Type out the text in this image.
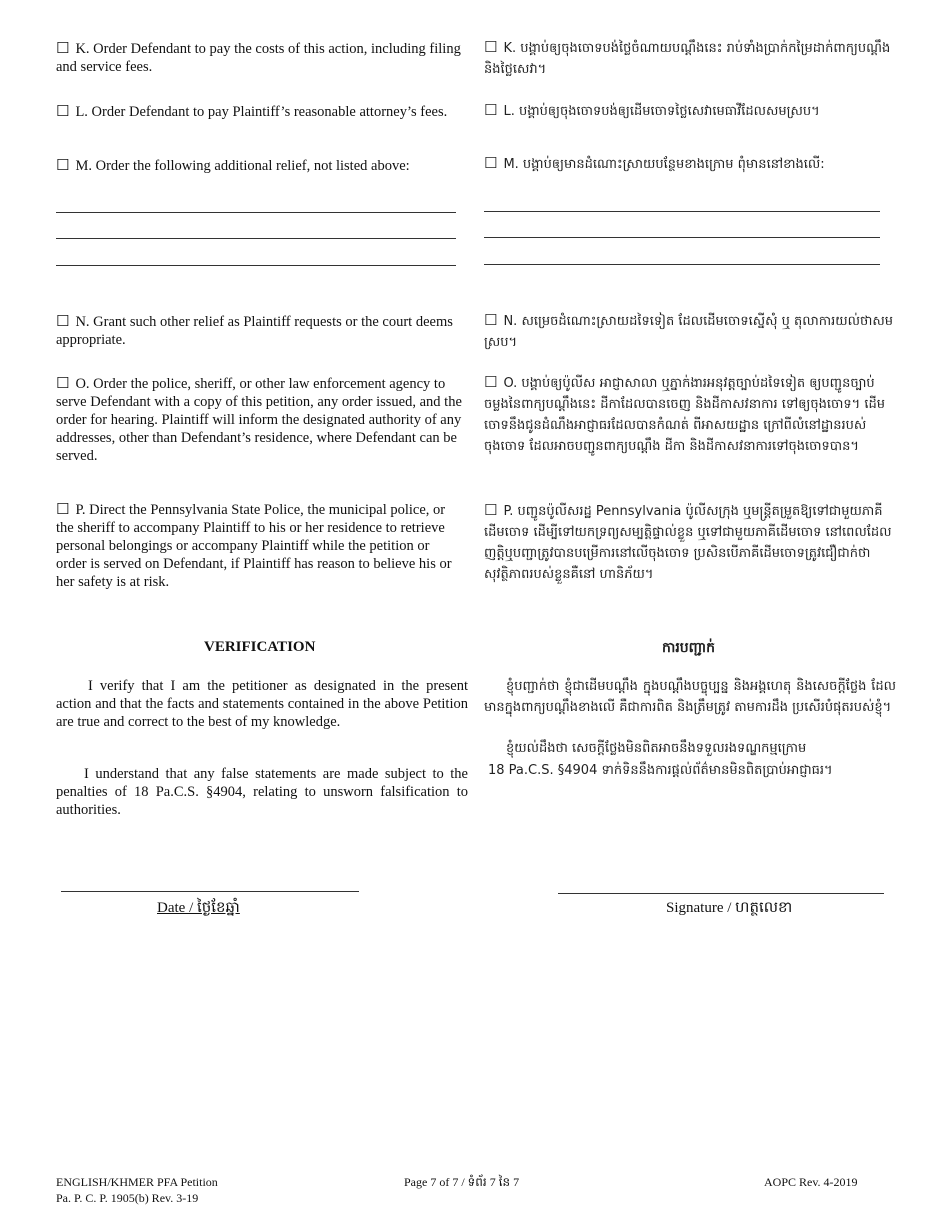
☐ K. Order Defendant to pay the costs of this action, including filing and service fees.
☐ L. Order Defendant to pay Plaintiff’s reasonable attorney’s fees.
☐ M. Order the following additional relief, not listed above:
☐ N. Grant such other relief as Plaintiff requests or the court deems appropriate.
☐ O. Order the police, sheriff, or other law enforcement agency to serve Defendant with a copy of this petition, any order issued, and the order for hearing. Plaintiff will inform the designated authority of any addresses, other than Defendant’s residence, where Defendant can be served.
☐ P. Direct the Pennsylvania State Police, the municipal police, or the sheriff to accompany Plaintiff to his or her residence to retrieve personal belongings or accompany Plaintiff while the petition or order is served on Defendant, if Plaintiff has reason to believe his or her safety is at risk.
VERIFICATION
I verify that I am the petitioner as designated in the present action and that the facts and statements contained in the above Petition are true and correct to the best of my knowledge.
I understand that any false statements are made subject to the penalties of 18 Pa.C.S. §4904, relating to unsworn falsification to authorities.
☐ K. បង្គាប់ឲ្យចុងចោទបង់ថ្លៃចំណាយបណ្ដឹងនេះ រាប់ទាំងប្រាក់កម្រៃដាក់ពាក្យបណ្ដឹង និងថ្លៃសេវា។
☐ L. បង្គាប់ឲ្យចុងចោទបង់ឲ្យដើមចោទថ្លៃសេវាមេធាវីដែលសមស្រប។
☐ M. បង្គាប់ឲ្យមានដំណោះស្រាយបន្ថែមខាងក្រោម ពុំមាននៅខាងលើ:
☐ N. សម្រេចដំណោះស្រាយដទៃទៀត ដែលដើមចោទស្នើសុំ ឬ តុលាការយល់ថាសមស្រប។
☐ O. បង្គាប់ឲ្យប៉ូលីស អាជ្ញាសាលា ឬភ្នាក់ងារអនុវត្តច្បាប់ដទៃទៀត ឲ្យបញ្ជូនច្បាប់ចម្លងនៃពាក្យបណ្តឹងនេះ ដីកាដែលបានចេញ និងដីកាសវនាការ ទៅឲ្យចុងចោទ។ ដើមចោទនឹងជូនដំណឹងអាជ្ញាធរដែលបានកំណត់ ពីអាសយដ្ឋាន ក្រៅពីលំនៅដ្ឋានរបស់ចុងចោទ ដែលអាចបញ្ជូនពាក្យបណ្តឹង ដីកា និងដីកាសវនាការទៅចុងចោទបាន។
☐ P. បញ្ជូនប៉ូលីសរដ្ឋ Pennsylvania ប៉ូលីសក្រុង ឬមន្ត្រីតម្រួតឱ្យទៅជាមួយភាគីដើមចោទ ដើម្បីទៅយកទ្រព្យសម្បត្តិផ្ទាល់ខ្លួន ឬទៅជាមួយភាគីដើមចោទ នៅពេលដែលញត្តិឬបញ្ជាត្រូវបានបម្រើការនៅលើចុងចោទ ប្រសិនបើភាគីដើមចោទត្រូវជឿជាក់ថាសុវត្ថិភាពរបស់ខ្លួនគឺនៅ ហានិភ័យ។
ការបញ្ជាក់
ខ្ញុំបញ្ជាក់ថា ខ្ញុំជាដើមបណ្ដឹង ក្នុងបណ្ដឹងបច្ចុប្បន្ន និងអង្គហេតុ និងសេចក្ដីថ្លែង ដែលមានក្នុងពាក្យបណ្ដឹងខាងលើ គឺជាការពិត និងត្រឹមត្រូវ តាមការដឹង ប្រសើរបំផុតរបស់ខ្ញុំ។
ខ្ញុំយល់ដឹងថា សេចក្ដីថ្លែងមិនពិតអាចនឹងទទួលរងទណ្ឌកម្មក្រោម
18 Pa.C.S. §4904 ទាក់ទិននឹងការផ្ដល់ព័ត៌មានមិនពិតប្រាប់អាជ្ញាធរ។
Date / ថ្ងៃខែឆ្នាំ	Signature / ហត្ថលេខា
ENGLISH/KHMER PFA Petition
Pa. P. C. P. 1905(b) Rev. 3-19
Page 7 of 7 / ទំព័រ 7 នៃ 7	AOPC Rev. 4-2019
